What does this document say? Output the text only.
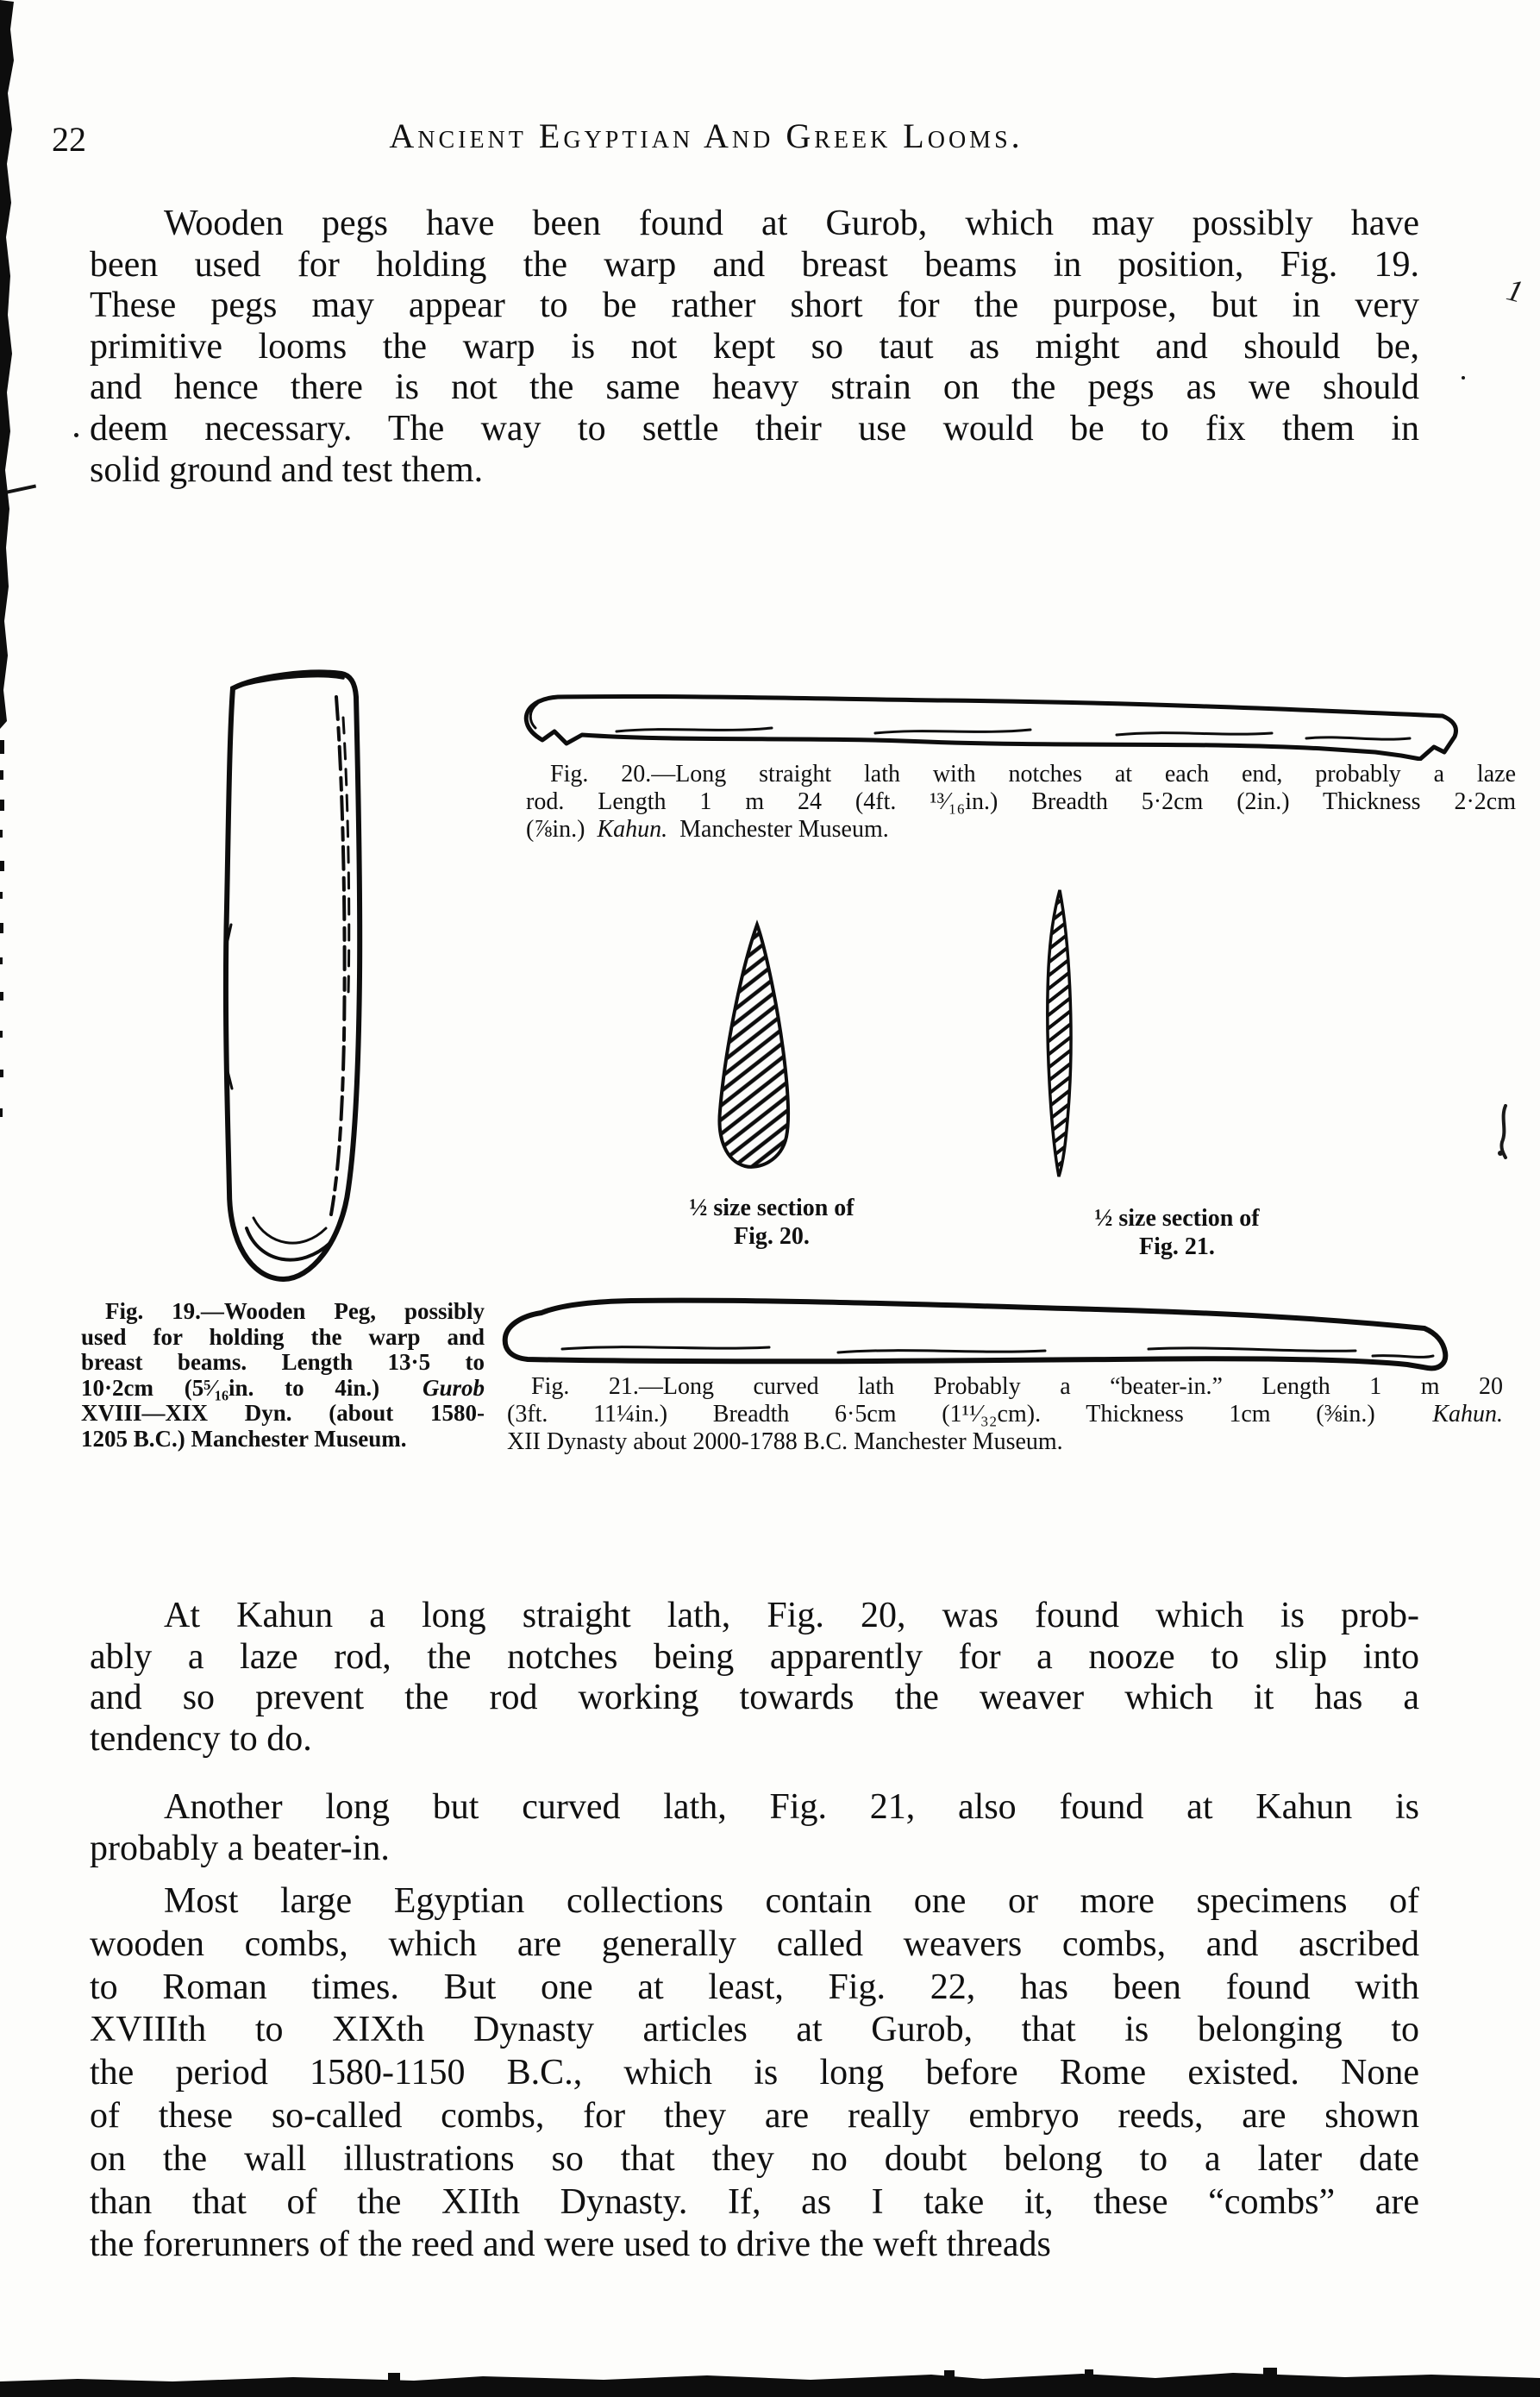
1
22	Ancient Egyptian And Greek Looms.
Wooden pegs have been found at Gurob, which may possibly have
been used for holding the warp and breast beams in position, Fig. 19.
These pegs may appear to be rather short for the purpose, but in very
primitive looms the warp is not kept so taut as might and should be,
and hence there is not the same heavy strain on the pegs as we should
deem necessary. The way to settle their use would be to fix them in
solid ground and test them.
Fig. 20.—Long straight lath with notches at each end, probably a laze
rod. Length 1 m 24 (4ft. ¹³⁄₁₆in.) Breadth 5·2cm (2in.) Thickness 2·2cm
(⅞in.) Kahun. Manchester Museum.
½ size section of
Fig. 20.
½ size section of
Fig. 21.
Fig. 19.—Wooden Peg, possibly
used for holding the warp and
breast beams. Length 13·5 to
10·2cm (5⁵⁄₁₆in. to 4in.) Gurob
XVIII—XIX Dyn. (about 1580-
1205 B.C.) Manchester Museum.
Fig. 21.—Long curved lath Probably a “beater-in.” Length 1 m 20
(3ft. 11¼in.) Breadth 6·5cm (1¹¹⁄₃₂cm). Thickness 1cm (⅜in.) Kahun.
XII Dynasty about 2000-1788 B.C. Manchester Museum.
At Kahun a long straight lath, Fig. 20, was found which is prob-
ably a laze rod, the notches being apparently for a nooze to slip into
and so prevent the rod working towards the weaver which it has a
tendency to do.
Another long but curved lath, Fig. 21, also found at Kahun is
probably a beater-in.
Most large Egyptian collections contain one or more specimens of
wooden combs, which are generally called weavers combs, and ascribed
to Roman times. But one at least, Fig. 22, has been found with
XVIIIth to XIXth Dynasty articles at Gurob, that is belonging to
the period 1580-1150 B.C., which is long before Rome existed. None
of these so-called combs, for they are really embryo reeds, are shown
on the wall illustrations so that they no doubt belong to a later date
than that of the XIIth Dynasty. If, as I take it, these “combs” are
the forerunners of the reed and were used to drive the weft threads
